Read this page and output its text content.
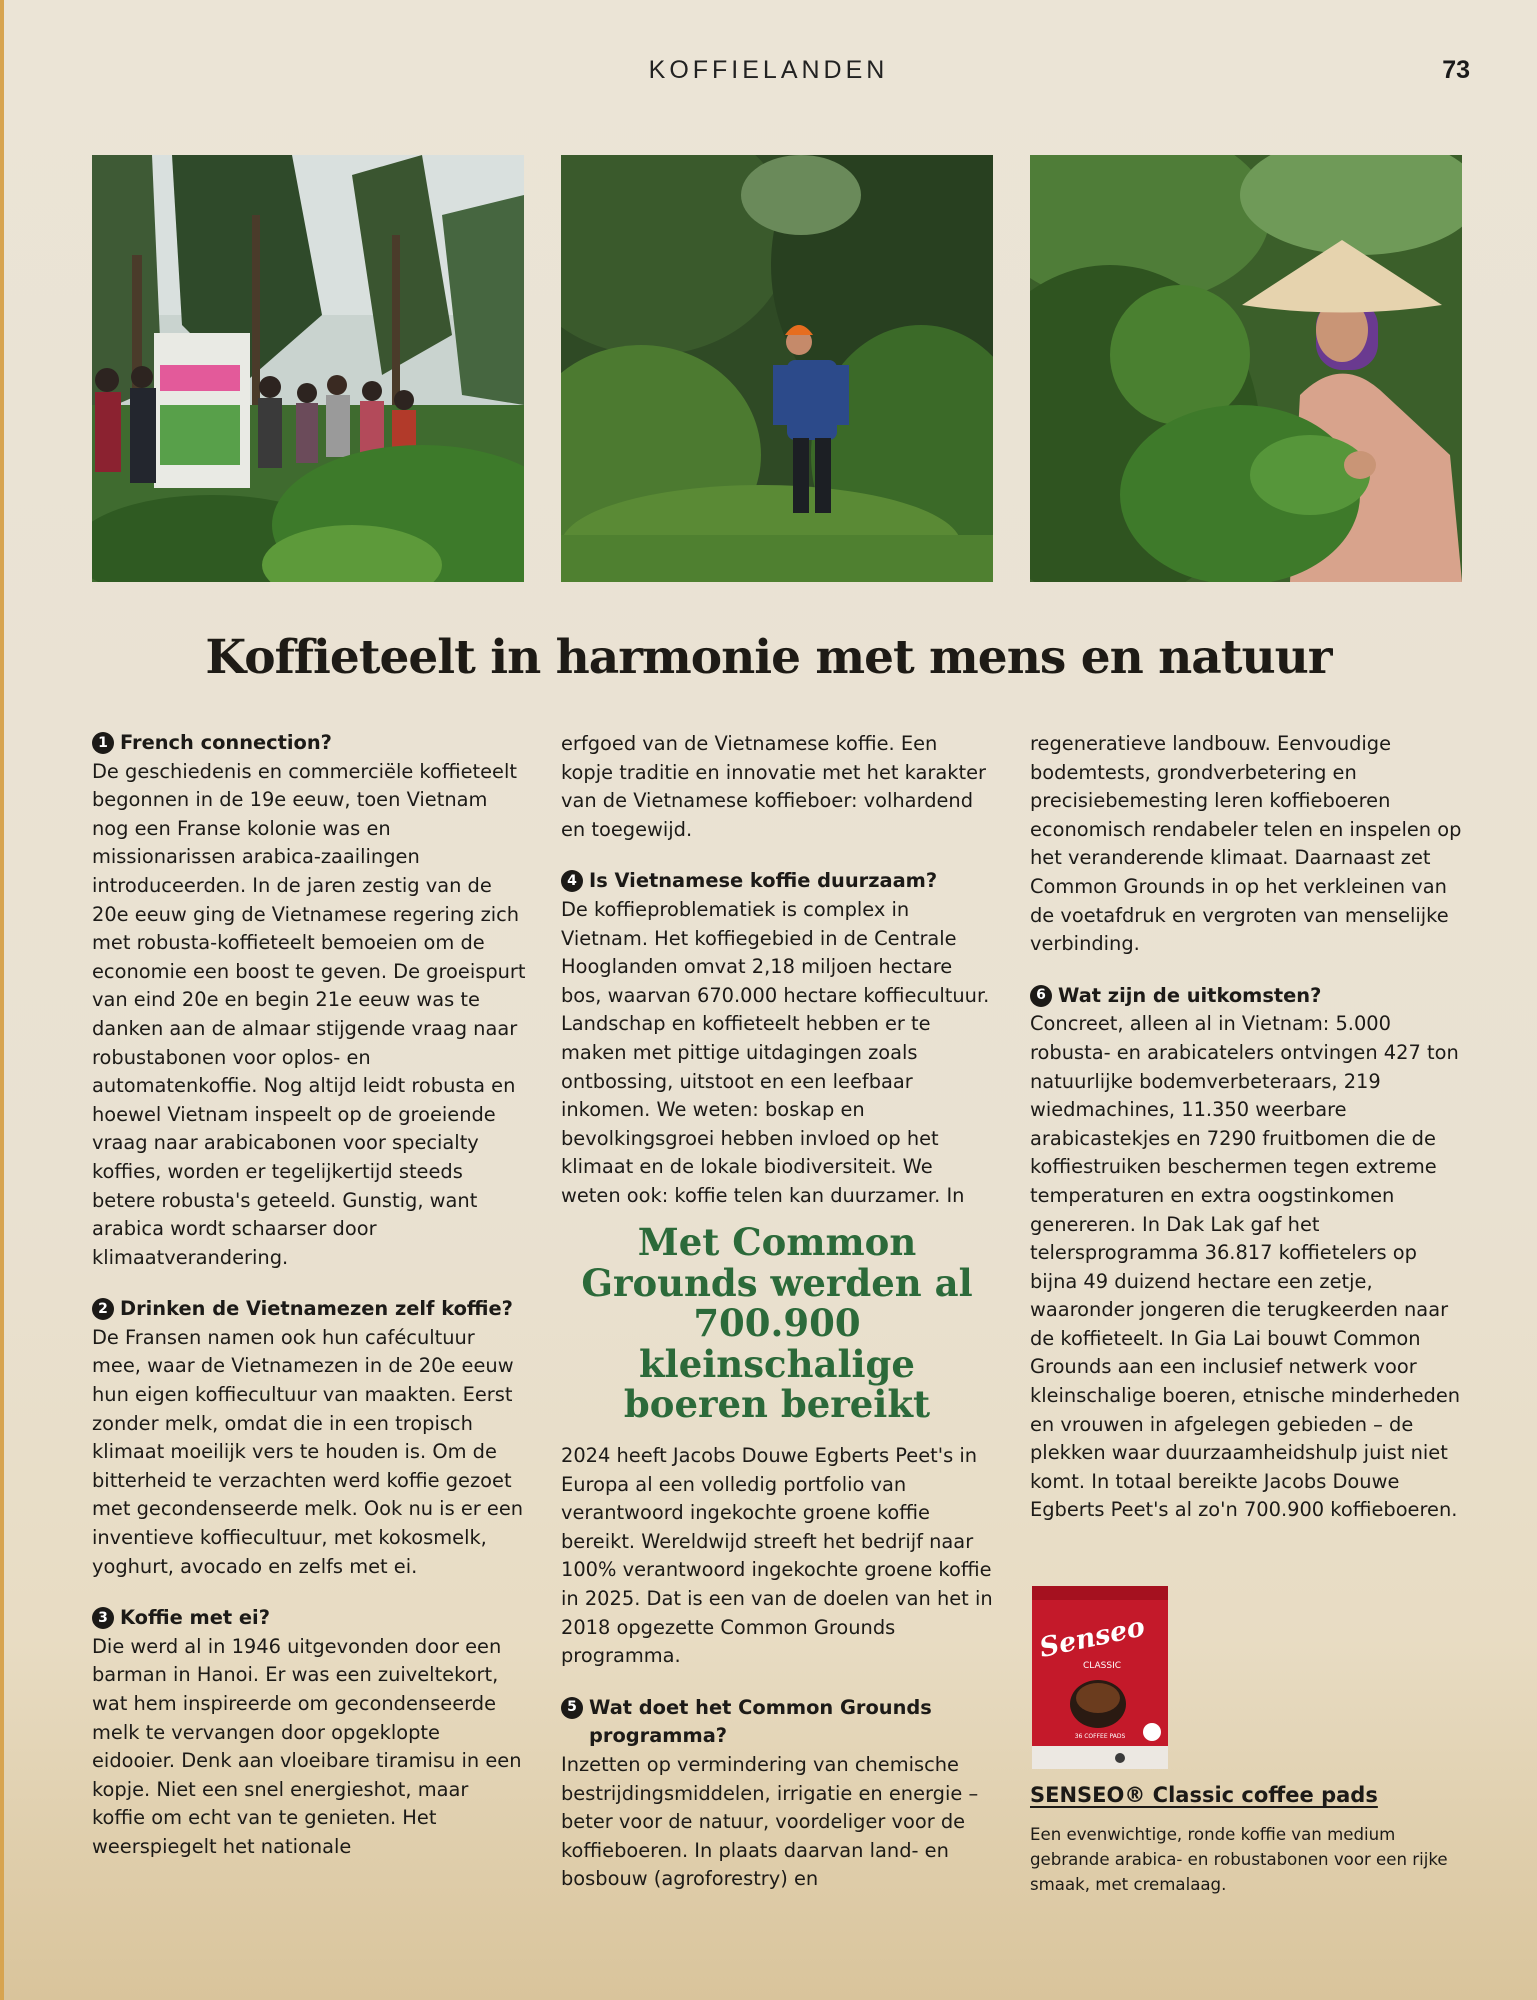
KOFFIELANDEN	73
Koffieteelt in harmonie met mens en natuur
1 French connection?

De geschiedenis en commerciële koffieteelt begonnen in de 19e eeuw, toen Vietnam nog een Franse kolonie was en missionarissen arabica-zaailingen introduceerden. In de jaren zestig van de 20e eeuw ging de Vietnamese regering zich met robusta-koffieteelt bemoeien om de economie een boost te geven. De groeispurt van eind 20e en begin 21e eeuw was te danken aan de almaar stijgende vraag naar robustabonen voor oplos- en automatenkoffie. Nog altijd leidt robusta en hoewel Vietnam inspeelt op de groeiende vraag naar arabicabonen voor specialty koffies, worden er tegelijkertijd steeds betere robusta's geteeld. Gunstig, want arabica wordt schaarser door klimaatverandering.

2 Drinken de Vietnamezen zelf koffie?

De Fransen namen ook hun cafécultuur mee, waar de Vietnamezen in de 20e eeuw hun eigen koffiecultuur van maakten. Eerst zonder melk, omdat die in een tropisch klimaat moeilijk vers te houden is. Om de bitterheid te verzachten werd koffie gezoet met gecondenseerde melk. Ook nu is er een inventieve koffiecultuur, met kokosmelk, yoghurt, avocado en zelfs met ei.

3 Koffie met ei?

Die werd al in 1946 uitgevonden door een barman in Hanoi. Er was een zuiveltekort, wat hem inspireerde om gecondenseerde melk te vervangen door opgeklopte eidooier. Denk aan vloeibare tiramisu in een kopje. Niet een snel energieshot, maar koffie om echt van te genieten. Het weerspiegelt het nationale

erfgoed van de Vietnamese koffie. Een kopje traditie en innovatie met het karakter van de Vietnamese koffieboer: volhardend en toegewijd.

4 Is Vietnamese koffie duurzaam?

De koffieproblematiek is complex in Vietnam. Het koffiegebied in de Centrale Hooglanden omvat 2,18 miljoen hectare bos, waarvan 670.000 hectare koffiecultuur. Landschap en koffieteelt hebben er te maken met pittige uitdagingen zoals ontbossing, uitstoot en een leefbaar inkomen. We weten: boskap en bevolkingsgroei hebben invloed op het klimaat en de lokale biodiversiteit. We weten ook: koffie telen kan duurzamer. In

Met Common Grounds werden al 700.900 kleinschalige boeren bereikt

2024 heeft Jacobs Douwe Egberts Peet's in Europa al een volledig portfolio van verantwoord ingekochte groene koffie bereikt. Wereldwijd streeft het bedrijf naar 100% verantwoord ingekochte groene koffie in 2025. Dat is een van de doelen van het in 2018 opgezette Common Grounds programma.

5 Wat doet het Common Grounds programma?

Inzetten op vermindering van chemische bestrijdingsmiddelen, irrigatie en energie – beter voor de natuur, voordeliger voor de koffieboeren. In plaats daarvan land- en bosbouw (agroforestry) en

regeneratieve landbouw. Eenvoudige bodemtests, grondverbetering en precisiebemesting leren koffieboeren economisch rendabeler telen en inspelen op het veranderende klimaat. Daarnaast zet Common Grounds in op het verkleinen van de voetafdruk en vergroten van menselijke verbinding.

6 Wat zijn de uitkomsten?

Concreet, alleen al in Vietnam: 5.000 robusta- en arabicatelers ontvingen 427 ton natuurlijke bodemverbeteraars, 219 wiedmachines, 11.350 weerbare arabicastekjes en 7290 fruitbomen die de koffiestruiken beschermen tegen extreme temperaturen en extra oogstinkomen genereren. In Dak Lak gaf het telersprogramma 36.817 koffietelers op bijna 49 duizend hectare een zetje, waaronder jongeren die terugkeerden naar de koffieteelt. In Gia Lai bouwt Common Grounds aan een inclusief netwerk voor kleinschalige boeren, etnische minderheden en vrouwen in afgelegen gebieden – de plekken waar duurzaamheidshulp juist niet komt. In totaal bereikte Jacobs Douwe Egberts Peet's al zo'n 700.900 koffieboeren.

Senseo
CLASSIC
36 COFFEE PADS
SENSEO® Classic coffee pads
Een evenwichtige, ronde koffie van medium gebrande arabica- en robustabonen voor een rijke smaak, met cremalaag.
